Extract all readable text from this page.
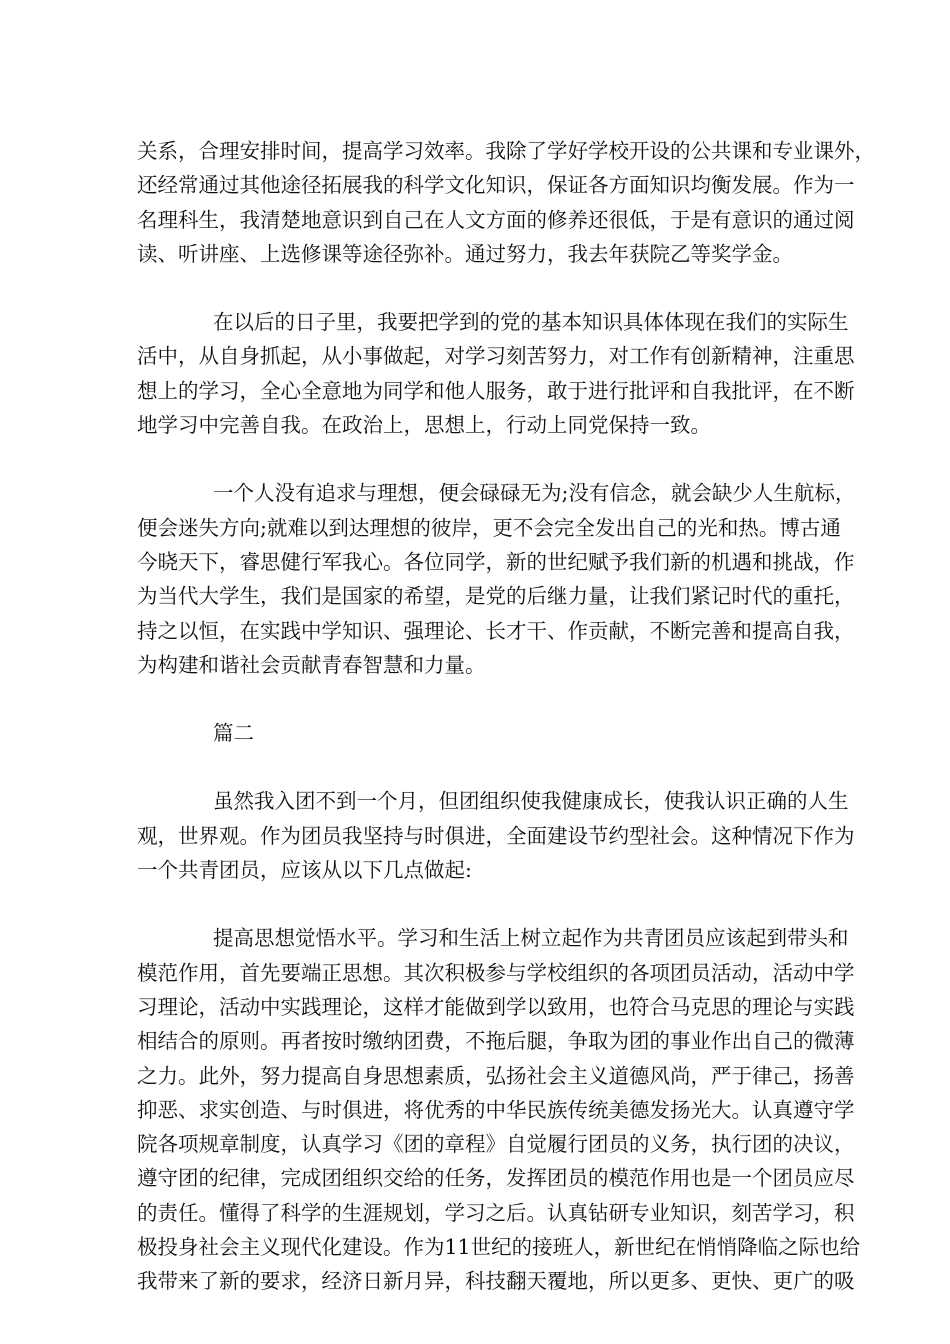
关系，合理安排时间，提高学习效率。我除了学好学校开设的公共课和专业课外，
还经常通过其他途径拓展我的科学文化知识，保证各方面知识均衡发展。作为一
名理科生，我清楚地意识到自己在人文方面的修养还很低，于是有意识的通过阅
读、听讲座、上选修课等途径弥补。通过努力，我去年获院乙等奖学金。
在以后的日子里，我要把学到的党的基本知识具体体现在我们的实际生
活中，从自身抓起，从小事做起，对学习刻苦努力，对工作有创新精神，注重思
想上的学习，全心全意地为同学和他人服务，敢于进行批评和自我批评，在不断
地学习中完善自我。在政治上，思想上，行动上同党保持一致。
一个人没有追求与理想，便会碌碌无为;没有信念，就会缺少人生航标，
便会迷失方向;就难以到达理想的彼岸，更不会完全发出自己的光和热。博古通
今晓天下，睿思健行军我心。各位同学，新的世纪赋予我们新的机遇和挑战，作
为当代大学生，我们是国家的希望，是党的后继力量，让我们紧记时代的重托，
持之以恒，在实践中学知识、强理论、长才干、作贡献，不断完善和提高自我，
为构建和谐社会贡献青春智慧和力量。
篇二
虽然我入团不到一个月，但团组织使我健康成长，使我认识正确的人生
观，世界观。作为团员我坚持与时俱进，全面建设节约型社会。这种情况下作为
一个共青团员，应该从以下几点做起:
提高思想觉悟水平。学习和生活上树立起作为共青团员应该起到带头和
模范作用，首先要端正思想。其次积极参与学校组织的各项团员活动，活动中学
习理论，活动中实践理论，这样才能做到学以致用，也符合马克思的理论与实践
相结合的原则。再者按时缴纳团费，不拖后腿，争取为团的事业作出自己的微薄
之力。此外，努力提高自身思想素质，弘扬社会主义道德风尚，严于律己，扬善
抑恶、求实创造、与时俱进，将优秀的中华民族传统美德发扬光大。认真遵守学
院各项规章制度，认真学习《团的章程》自觉履行团员的义务，执行团的决议，
遵守团的纪律，完成团组织交给的任务，发挥团员的模范作用也是一个团员应尽
的责任。懂得了科学的生涯规划，学习之后。认真钻研专业知识，刻苦学习，积
极投身社会主义现代化建设。作为11世纪的接班人，新世纪在悄悄降临之际也给
我带来了新的要求，经济日新月异，科技翻天覆地，所以更多、更快、更广的吸
